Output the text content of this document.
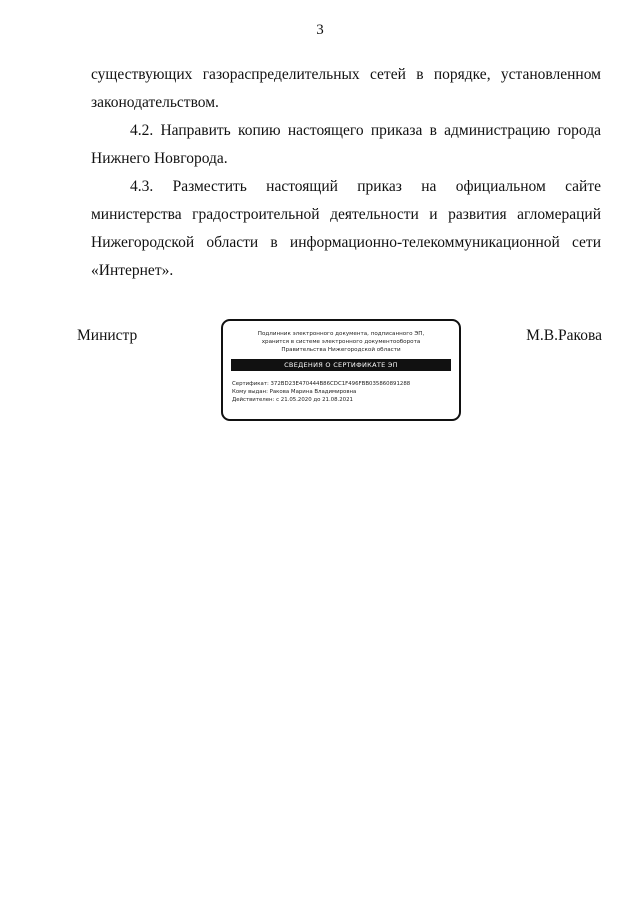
3

существующих газораспределительных сетей в порядке, установленном законодательством.

4.2. Направить копию настоящего приказа в администрацию города Нижнего Новгорода.

4.3. Разместить настоящий приказ на официальном сайте министерства градостроительной деятельности и развития агломераций Нижегородской области в информационно-телекоммуникационной сети «Интернет».

Министр	Подлинник электронного документа, подписанного ЭП,
хранится в системе электронного документооборота
Правительства Нижегородской области
СВЕДЕНИЯ О СЕРТИФИКАТЕ ЭП
Сертификат: 372BD23E470444B86CDC1F496FBB035860891288
Кому выдан: Ракова Марина Владимировна
Действителен: с 21.05.2020 до 21.08.2021
М.В.Ракова
